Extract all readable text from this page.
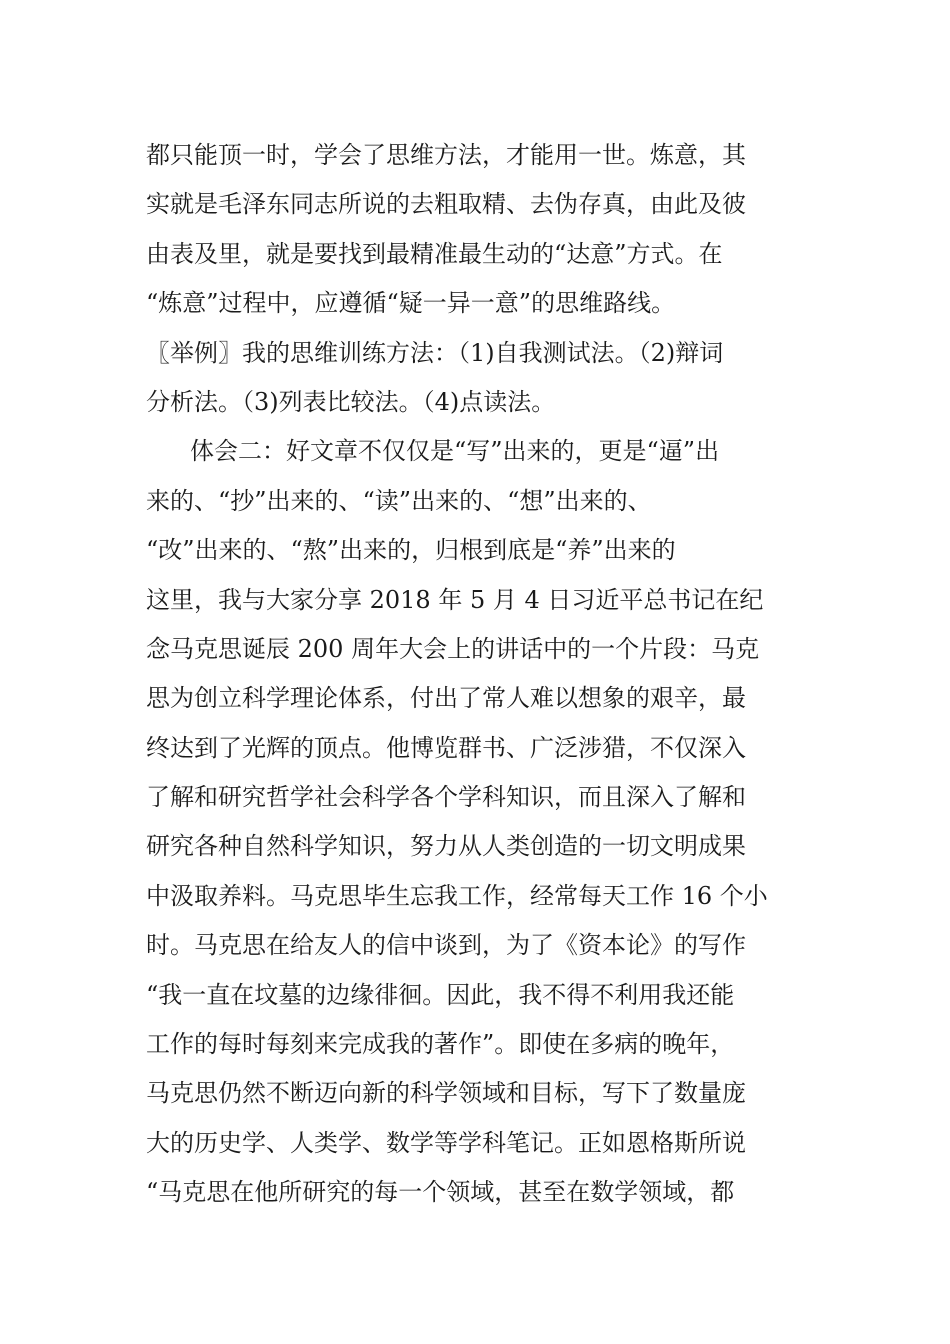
都只能顶一时，学会了思维方法，才能用一世。炼意，其
实就是毛泽东同志所说的去粗取精、去伪存真，由此及彼
由表及里，就是要找到最精准最生动的“达意”方式。在
“炼意”过程中，应遵循“疑一异一意”的思维路线。
〖举例〗我的思维训练方法：（1)自我测试法。（2)辩词
分析法。（3)列表比较法。（4)点读法。
体会二：好文章不仅仅是“写”出来的，更是“逼”出
来的、“抄”出来的、“读”出来的、“想”出来的、
“改”出来的、“熬”出来的，归根到底是“养”出来的
这里，我与大家分享 2018 年 5 月 4 日习近平总书记在纪
念马克思诞辰 200 周年大会上的讲话中的一个片段：马克
思为创立科学理论体系，付出了常人难以想象的艰辛，最
终达到了光辉的顶点。他博览群书、广泛涉猎，不仅深入
了解和研究哲学社会科学各个学科知识，而且深入了解和
研究各种自然科学知识，努力从人类创造的一切文明成果
中汲取养料。马克思毕生忘我工作，经常每天工作 16 个小
时。马克思在给友人的信中谈到，为了《资本论》的写作
“我一直在坟墓的边缘徘徊。因此，我不得不利用我还能
工作的每时每刻来完成我的著作”。即使在多病的晚年，
马克思仍然不断迈向新的科学领域和目标，写下了数量庞
大的历史学、人类学、数学等学科笔记。正如恩格斯所说
“马克思在他所研究的每一个领域，甚至在数学领域，都
